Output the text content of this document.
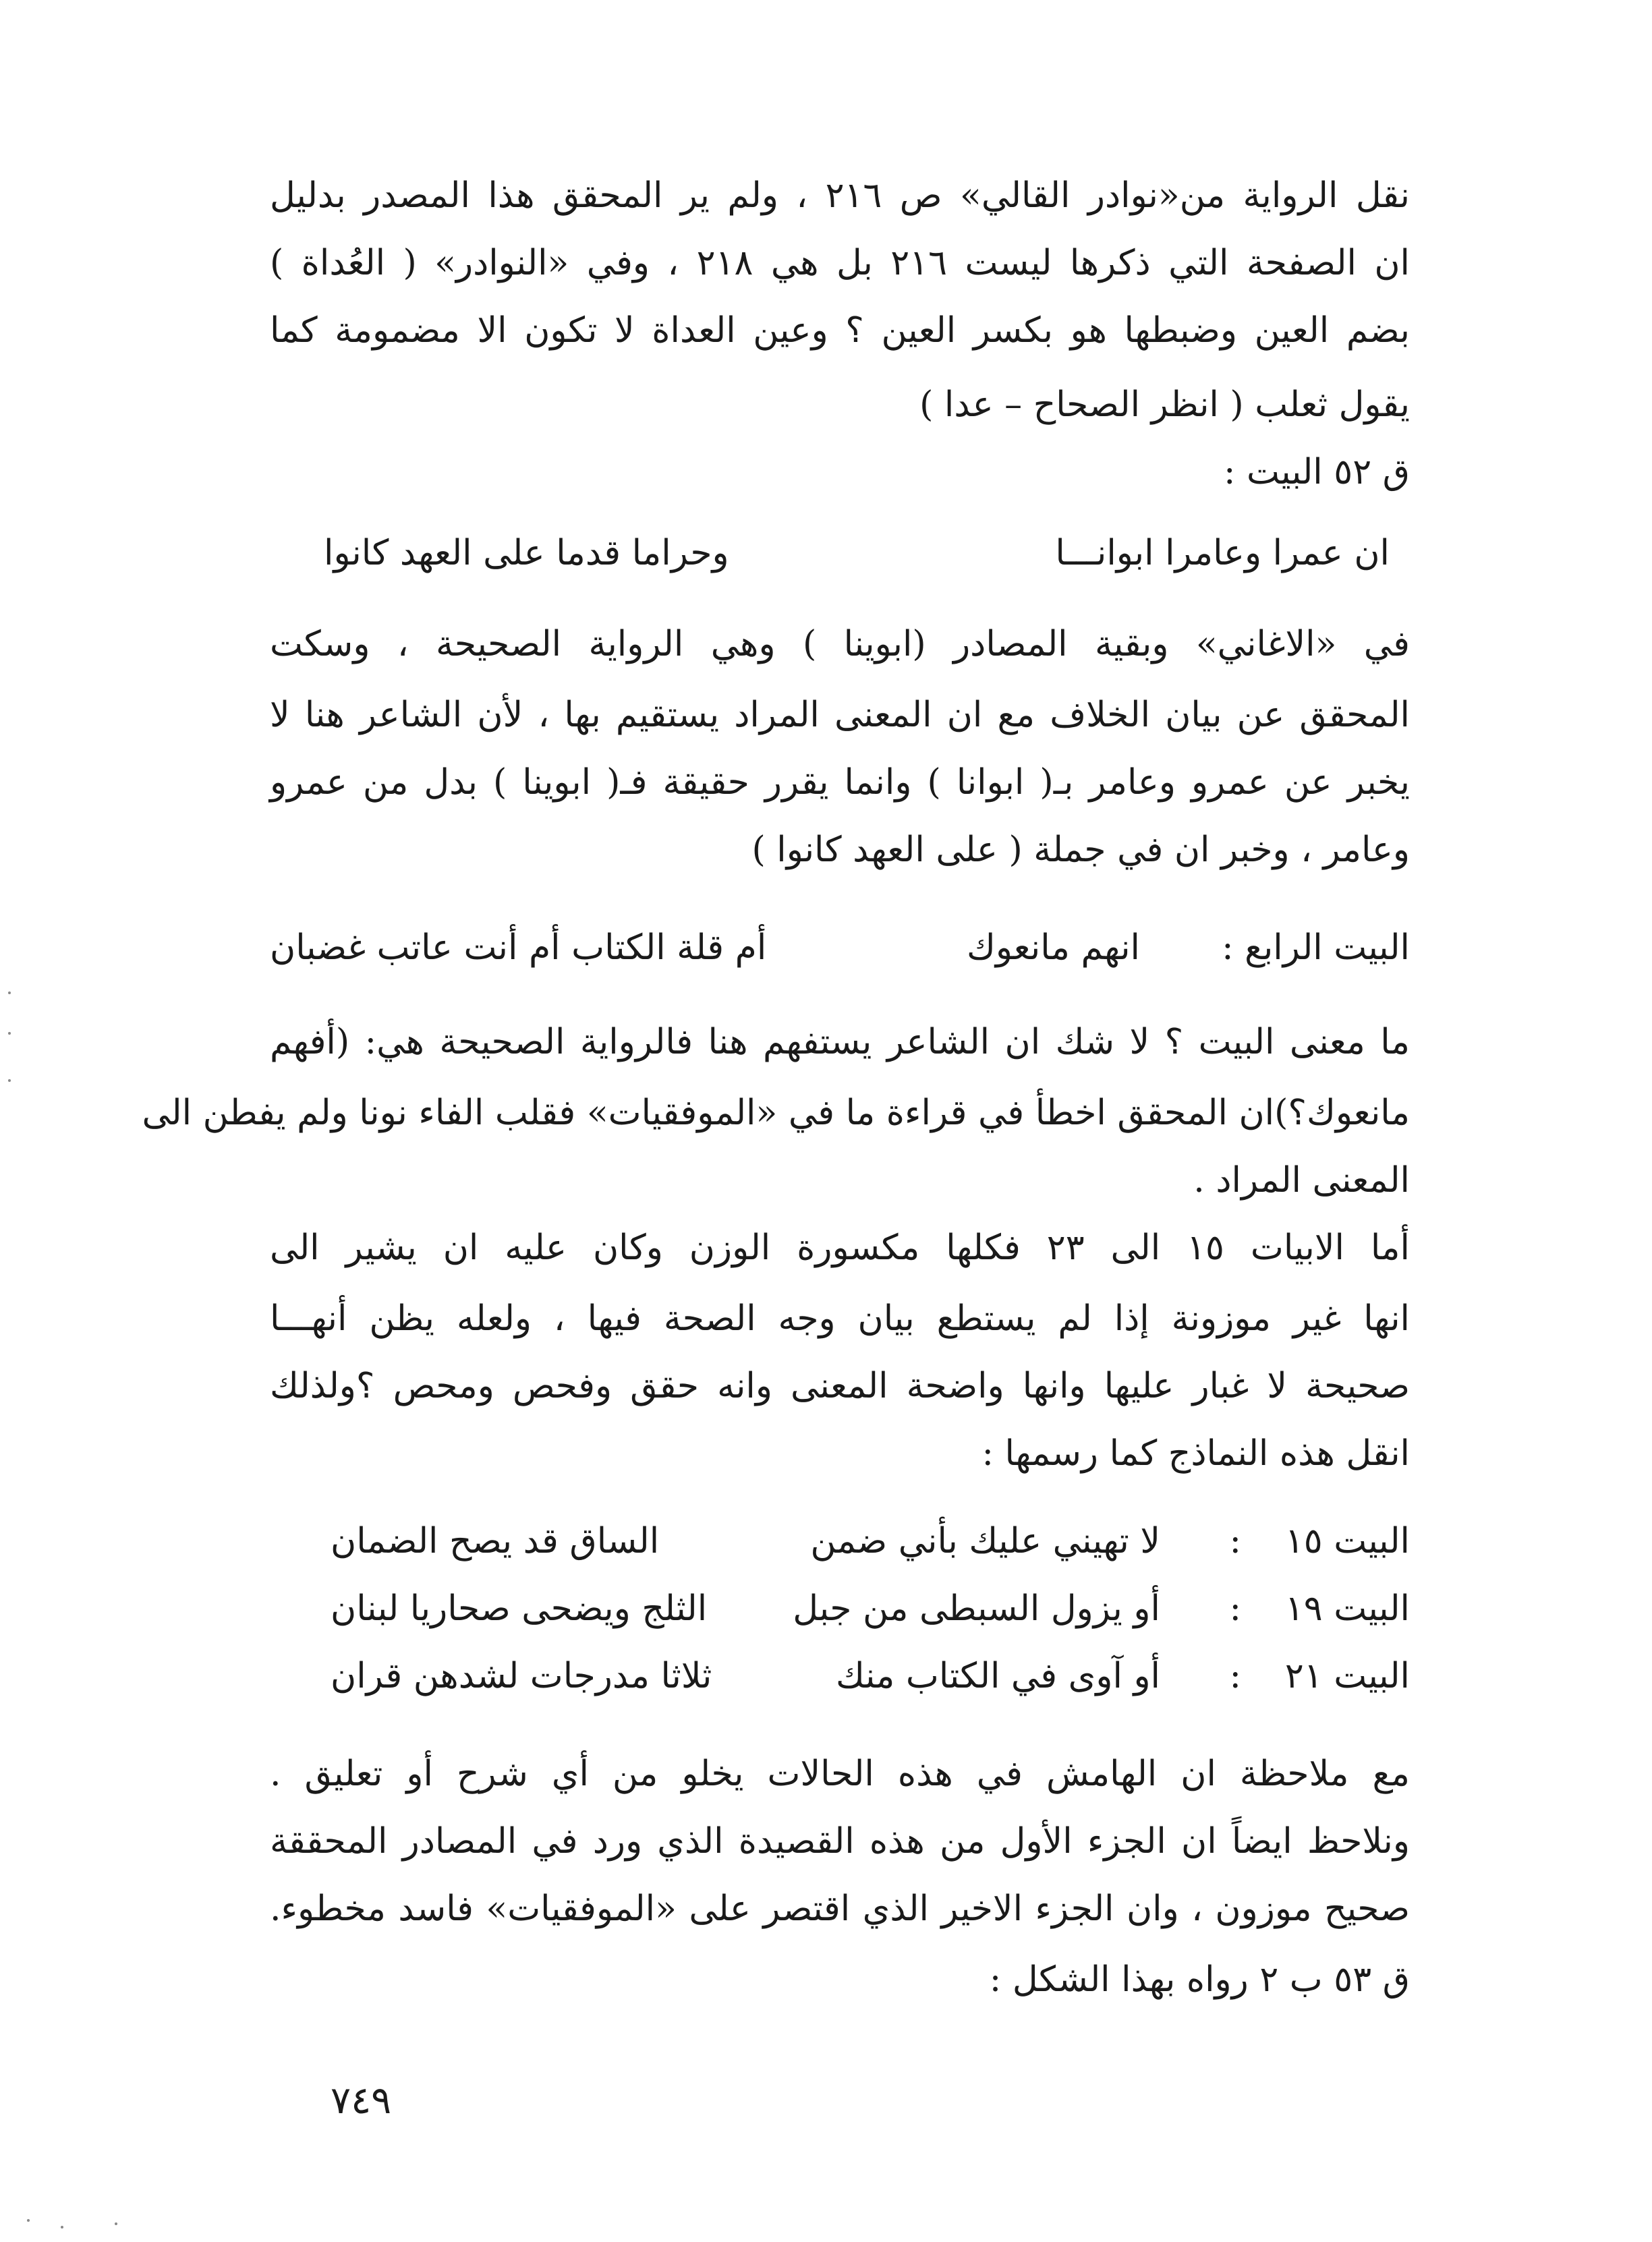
نقل الرواية من«نوادر القالي» ص ٢١٦ ، ولم ير المحقق هذا المصدر بدليل
ان الصفحة التي ذكرها ليست ٢١٦ بل هي ٢١٨ ، وفي «النوادر» ( العُداة )
بضم العين وضبطها هو بكسر العين ؟ وعين العداة لا تكون الا مضمومة كما
يقول ثعلب ( انظر الصحاح – عدا )
ق ٥٢ البيت :
ان عمرا وعامرا ابوانـــا
وحراما قدما على العهد كانوا
في «الاغاني» وبقية المصادر (ابوينا ) وهي الرواية الصحيحة ، وسكت
المحقق عن بيان الخلاف مع ان المعنى المراد يستقيم بها ، لأن الشاعر هنا لا
يخبر عن عمرو وعامر بـ( ابوانا ) وانما يقرر حقيقة فـ( ابوينا ) بدل من عمرو
وعامر ، وخبر ان في جملة ( على العهد كانوا )
البيت الرابع :
انهم مانعوك
أم قلة الكتاب أم أنت عاتب غضبان
ما معنى البيت ؟ لا شك ان الشاعر يستفهم هنا فالرواية الصحيحة هي: (أفهم
مانعوك؟)ان المحقق اخطأ في قراءة ما في «الموفقيات» فقلب الفاء نونا ولم يفطن الى
المعنى المراد .
أما الابيات ١٥ الى ٢٣ فكلها مكسورة الوزن وكان عليه ان يشير الى
انها غير موزونة إذا لم يستطع بيان وجه الصحة فيها ، ولعله يظن أنهـــا
صحيحة لا غبار عليها وانها واضحة المعنى وانه حقق وفحص ومحص ؟ولذلك
انقل هذه النماذج كما رسمها :
البيت ١٥
:
لا تهيني عليك بأني ضمن
الساق قد يصح الضمان
البيت ١٩
:
أو يزول السبطى من جبل
الثلج ويضحى صحاريا لبنان
البيت ٢١
:
أو آوى في الكتاب منك
ثلاثا مدرجات لشدهن قران
مع ملاحظة ان الهامش في هذه الحالات يخلو من أي شرح أو تعليق .
ونلاحظ ايضاً ان الجزء الأول من هذه القصيدة الذي ورد في المصادر المحققة
صحيح موزون ، وان الجزء الاخير الذي اقتصر على «الموفقيات» فاسد مخطوء.
ق ٥٣ ب ٢ رواه بهذا الشكل :
٧٤٩
